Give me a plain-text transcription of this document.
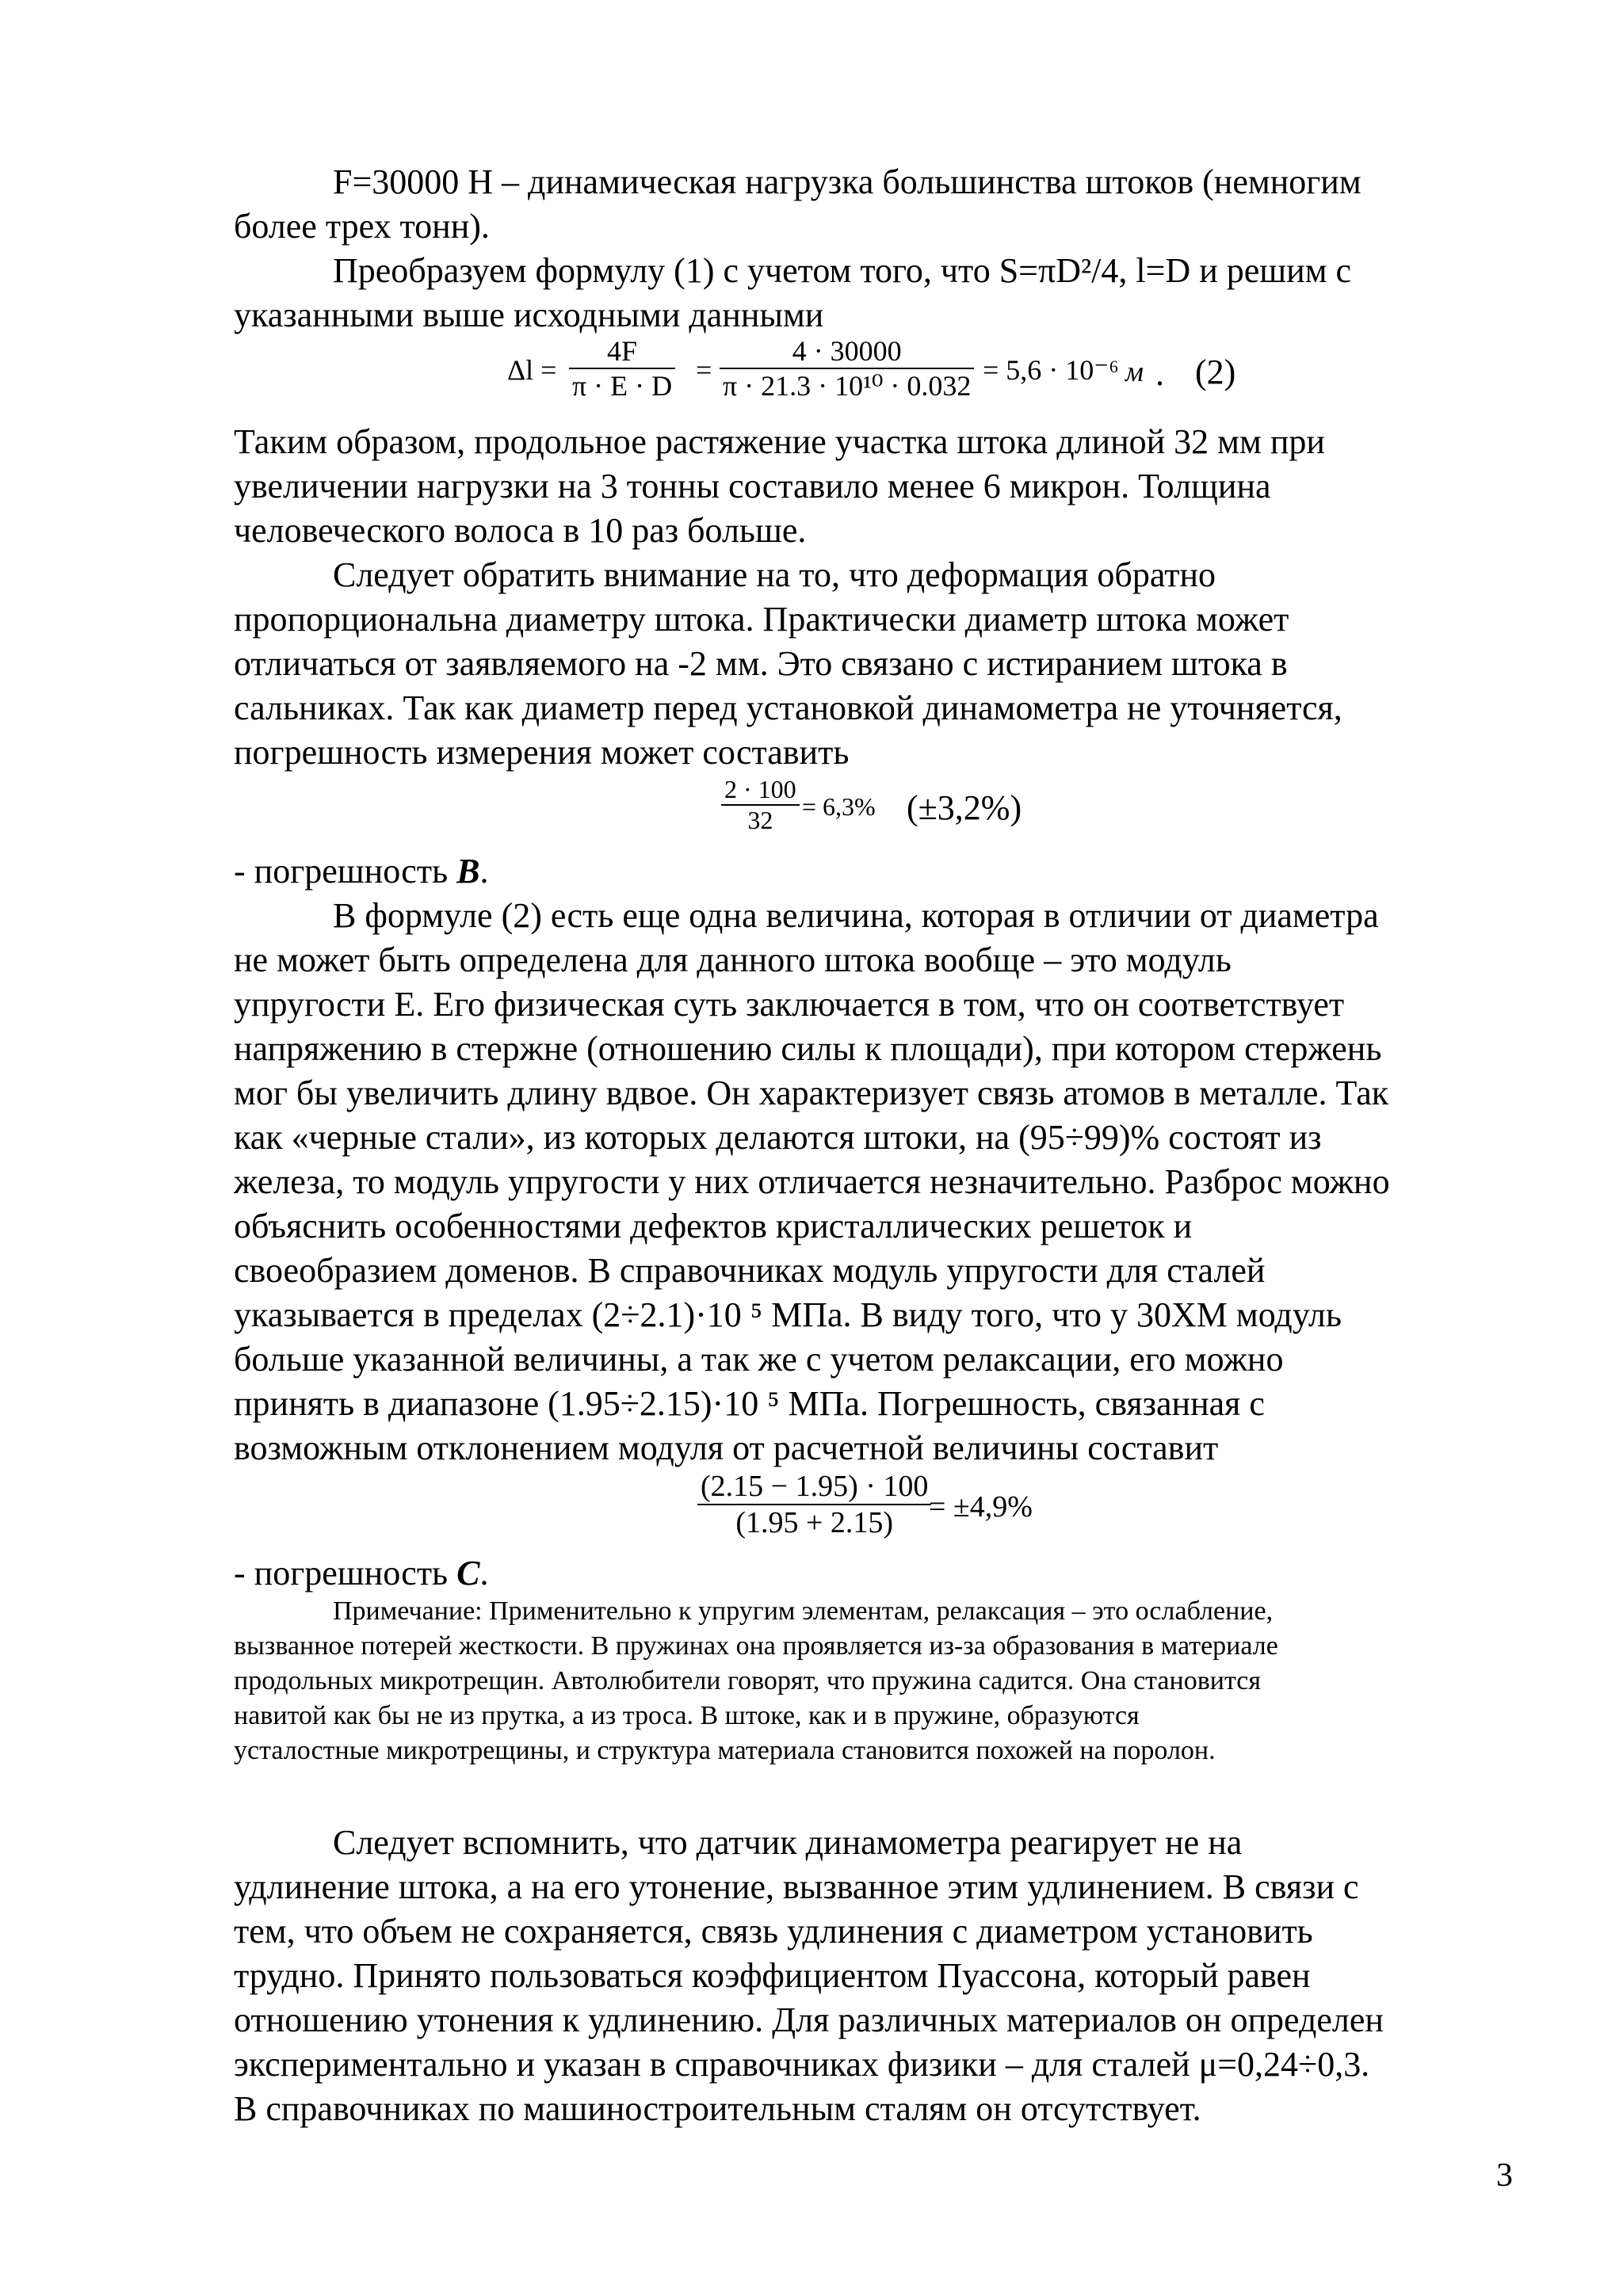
F=30000 Н – динамическая нагрузка большинства штоков (немногим
более трех тонн).
Преобразуем формулу (1) с учетом того, что S=πD²/4, l=D и решим с
указанными выше исходными данными
$\Delta l = \frac{4F}{\pi \cdot E \cdot D} = \frac{4 \cdot 30000}{\text{π · 21.3 · 10¹⁰ · 0.032}} = 5,6 \cdot 10^{-6}$ м . (2)
Таким образом, продольное растяжение участка штока длиной 32 мм при
увеличении нагрузки на 3 тонны составило менее 6 микрон. Толщина
человеческого волоса в 10 раз больше.
Следует обратить внимание на то, что деформация обратно
пропорциональна диаметру штока. Практически диаметр штока может
отличаться от заявляемого на -2 мм. Это связано с истиранием штока в
сальниках. Так как диаметр перед установкой динамометра не уточняется,
погрешность измерения может составить
$\frac{2 \cdot 100}{32} = 6,3\%$ (±3,2%)
- погрешность В.
В формуле (2) есть еще одна величина, которая в отличии от диаметра
не может быть определена для данного штока вообще – это модуль
упругости E. Его физическая суть заключается в том, что он соответствует
напряжению в стержне (отношению силы к площади), при котором стержень
мог бы увеличить длину вдвое. Он характеризует связь атомов в металле. Так
как «черные стали», из которых делаются штоки, на (95÷99)% состоят из
железа, то модуль упругости у них отличается незначительно. Разброс можно
объяснить особенностями дефектов кристаллических решеток и
своеобразием доменов. В справочниках модуль упругости для сталей
указывается в пределах (2÷2.1)·10 ⁵ МПа. В виду того, что у 30ХМ модуль
больше указанной величины, а так же с учетом релаксации, его можно
принять в диапазоне (1.95÷2.15)·10 ⁵ МПа. Погрешность, связанная с
возможным отклонением модуля от расчетной величины составит
$\frac{(2.15 - 1.95) \cdot 100}{(1.95 + 2.15)}$
= ±4,9%
- погрешность С.
Примечание: Применительно к упругим элементам, релаксация – это ослабление,
вызванное потерей жесткости. В пружинах она проявляется из-за образования в материале
продольных микротрещин. Автолюбители говорят, что пружина садится. Она становится
навитой как бы не из прутка, а из троса. В штоке, как и в пружине, образуются
усталостные микротрещины, и структура материала становится похожей на поролон.
Следует вспомнить, что датчик динамометра реагирует не на
удлинение штока, а на его утонение, вызванное этим удлинением. В связи с
тем, что объем не сохраняется, связь удлинения с диаметром установить
трудно. Принято пользоваться коэффициентом Пуассона, который равен
отношению утонения к удлинению. Для различных материалов он определен
экспериментально и указан в справочниках физики – для сталей μ=0,24÷0,3.
В справочниках по машиностроительным сталям он отсутствует.
3
